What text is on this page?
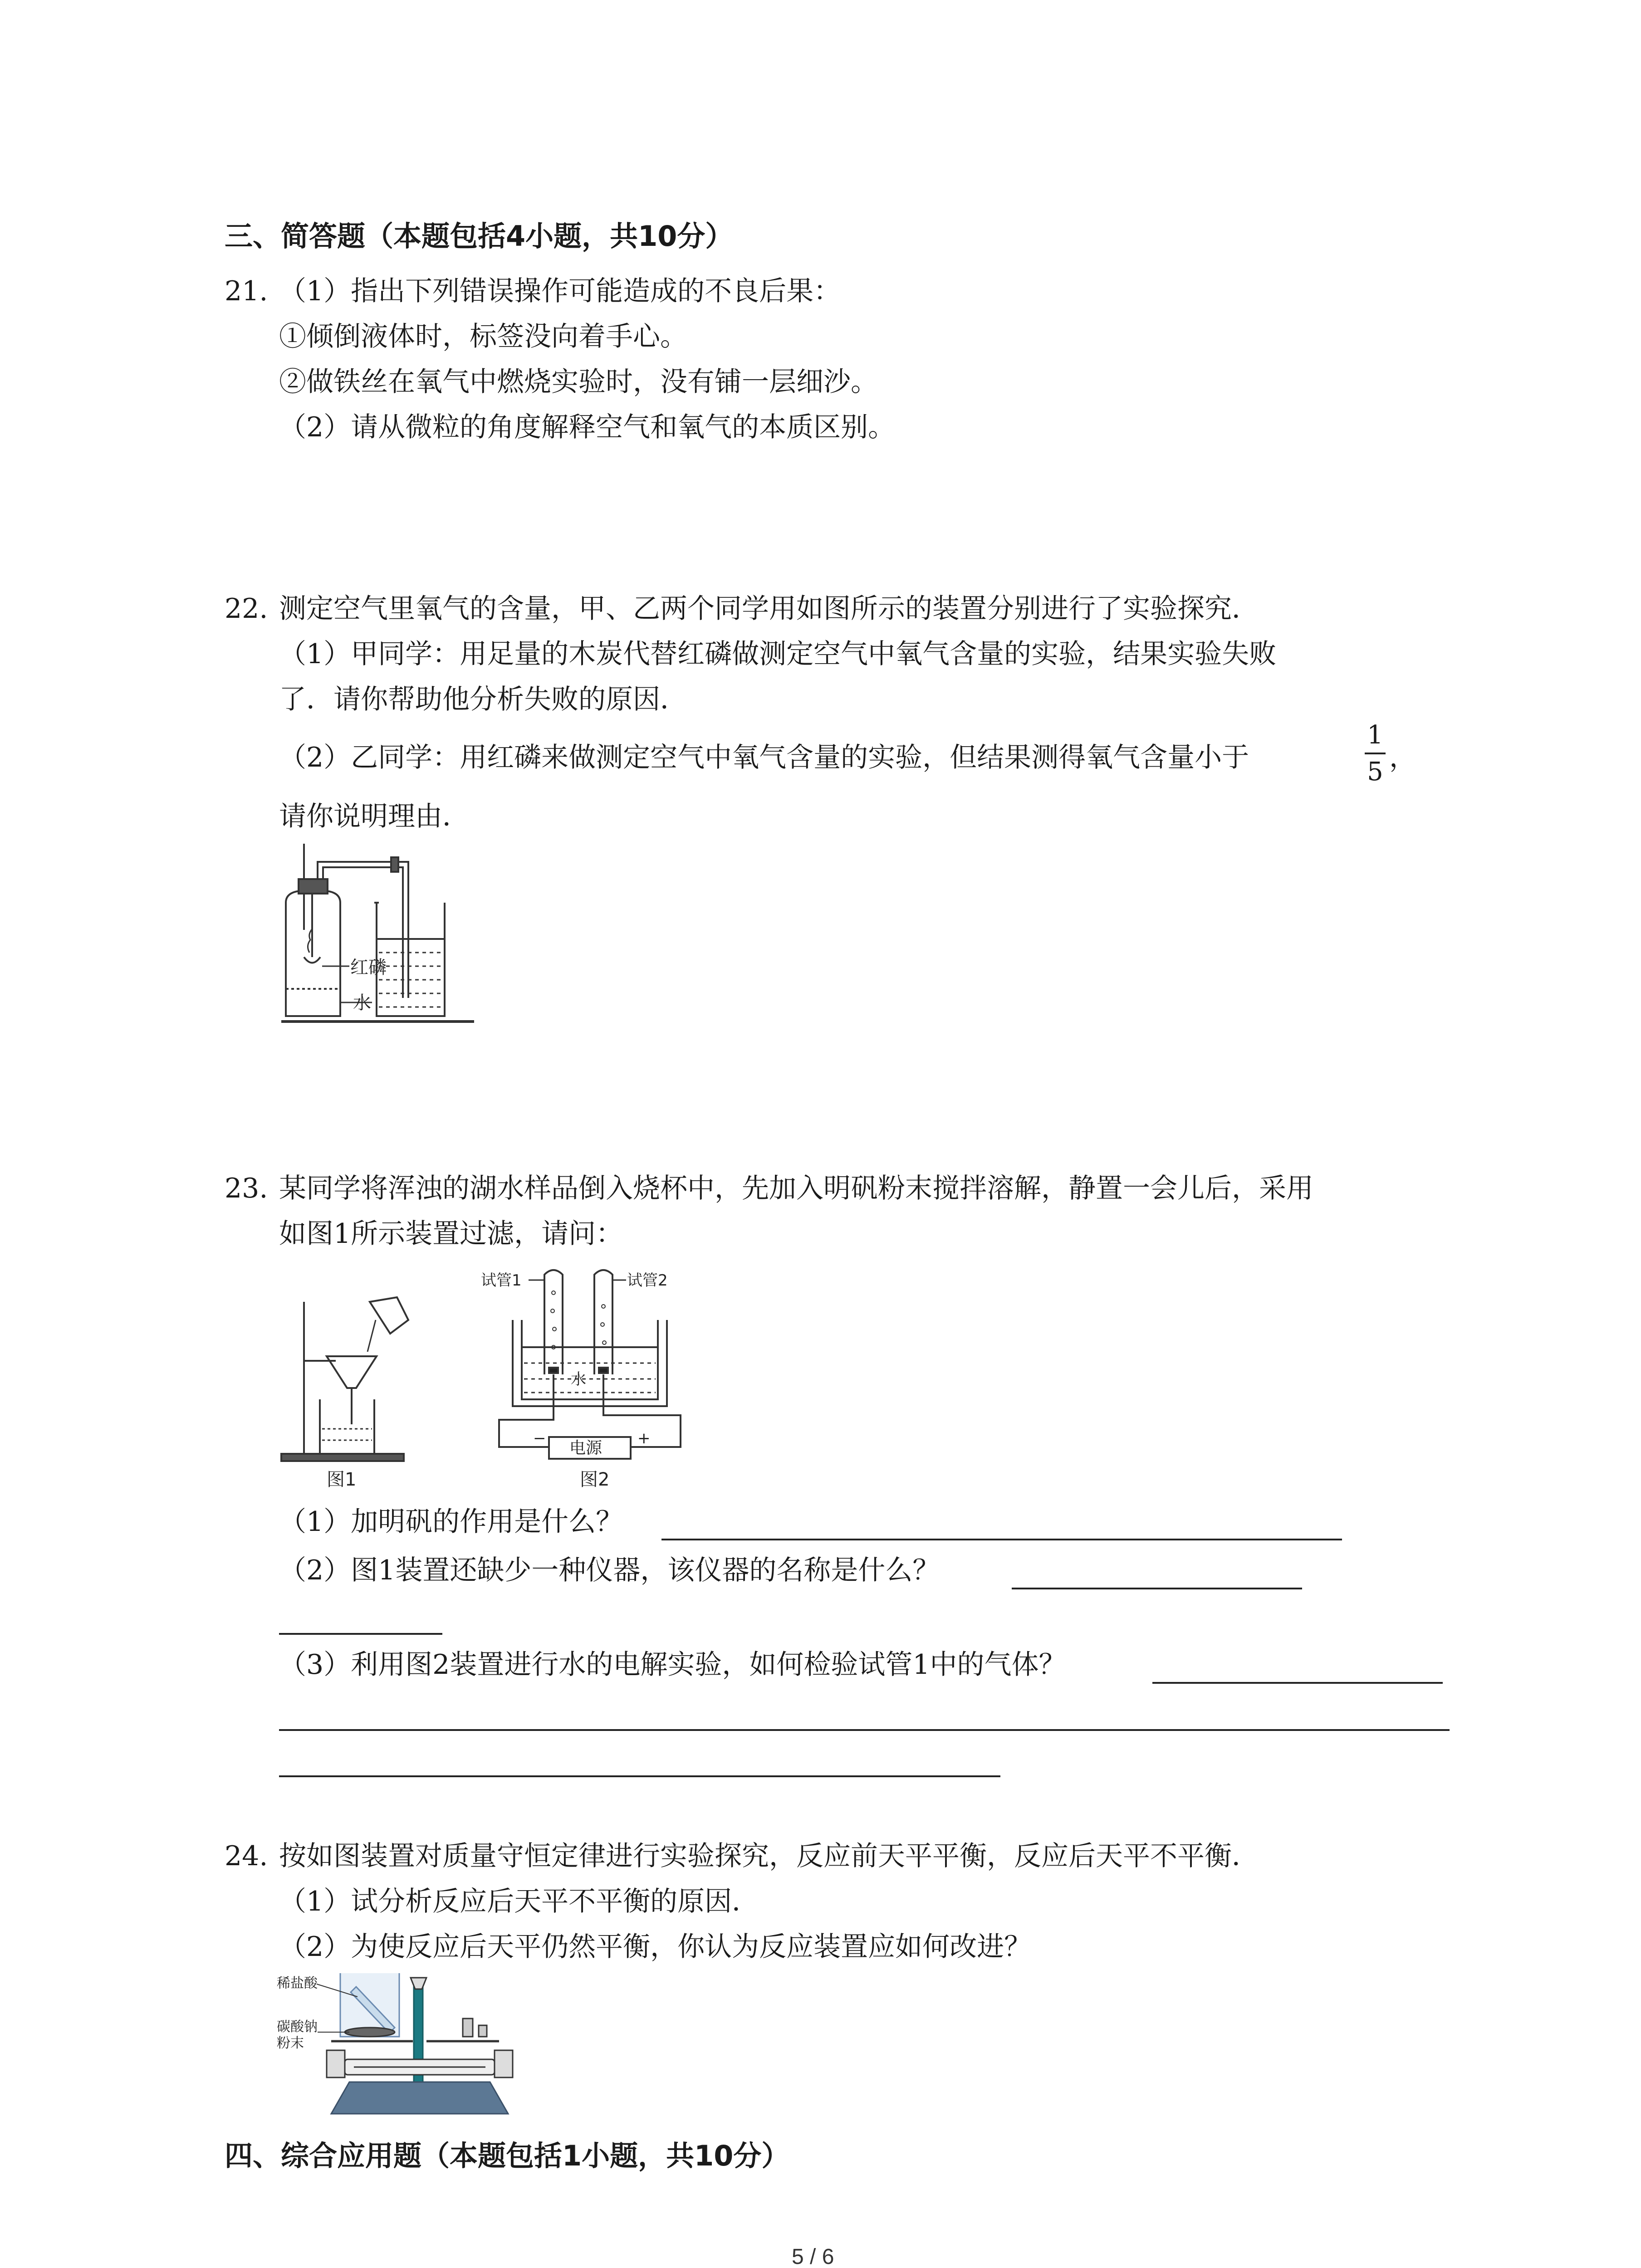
三、简答题（本题包括4小题，共10分）
21. （1）指出下列错误操作可能造成的不良后果：
①倾倒液体时，标签没向着手心。
②做铁丝在氧气中燃烧实验时，没有铺一层细沙。
（2）请从微粒的角度解释空气和氧气的本质区别。
22. 测定空气里氧气的含量，甲、乙两个同学用如图所示的装置分别进行了实验探究．
（1）甲同学：用足量的木炭代替红磷做测定空气中氧气含量的实验，结果实验失败
了．请你帮助他分析失败的原因．
（2）乙同学：用红磷来做测定空气中氧气含量的实验，但结果测得氧气含量小于
1
5 ，
请你说明理由．
红磷
水
23. 某同学将浑浊的湖水样品倒入烧杯中，先加入明矾粉末搅拌溶解，静置一会儿后，采用
如图1所示装置过滤，请问：
图1
试管1	试管2
水
电源
−	+
图2
（1）加明矾的作用是什么？
（2）图1装置还缺少一种仪器，该仪器的名称是什么？
（3）利用图2装置进行水的电解实验，如何检验试管1中的气体？
24. 按如图装置对质量守恒定律进行实验探究，反应前天平平衡，反应后天平不平衡．
（1）试分析反应后天平不平衡的原因．
（2）为使反应后天平仍然平衡，你认为反应装置应如何改进？
稀盐酸
碳酸钠
粉末
四、综合应用题（本题包括1小题，共10分）
5 / 6
